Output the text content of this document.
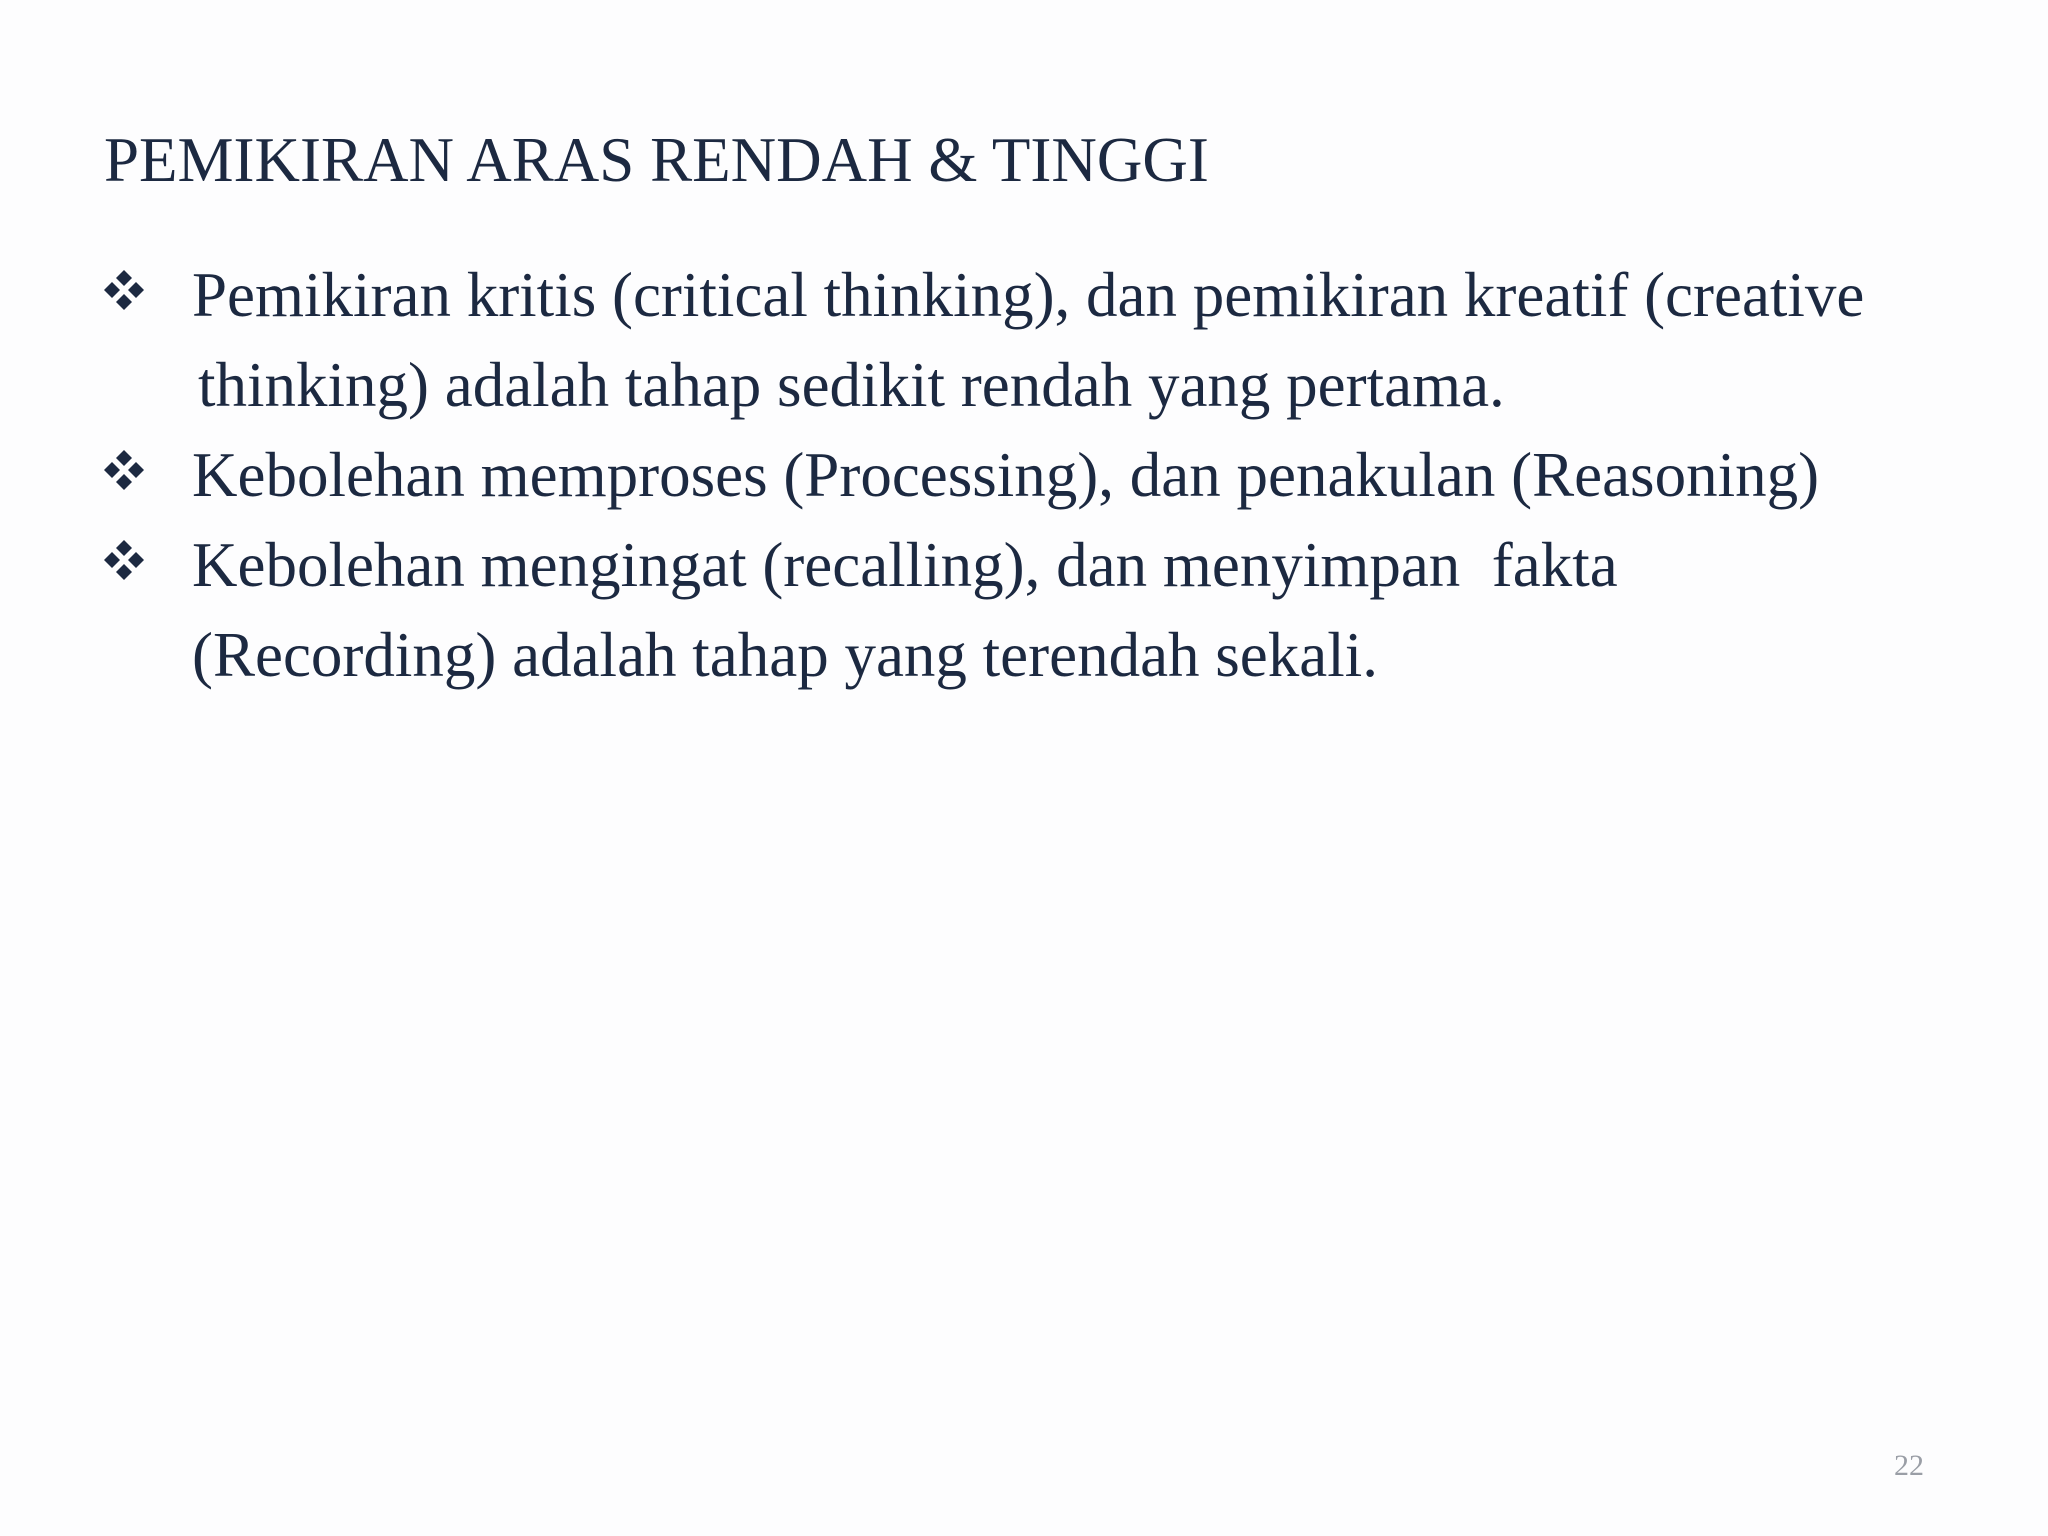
PEMIKIRAN ARAS RENDAH & TINGGI
Pemikiran kritis (critical thinking), dan pemikiran kreatif (creative
thinking) adalah tahap sedikit rendah yang pertama.
Kebolehan memproses (Processing), dan penakulan (Reasoning)
Kebolehan mengingat (recalling), dan menyimpan  fakta
(Recording) adalah tahap yang terendah sekali.
22
